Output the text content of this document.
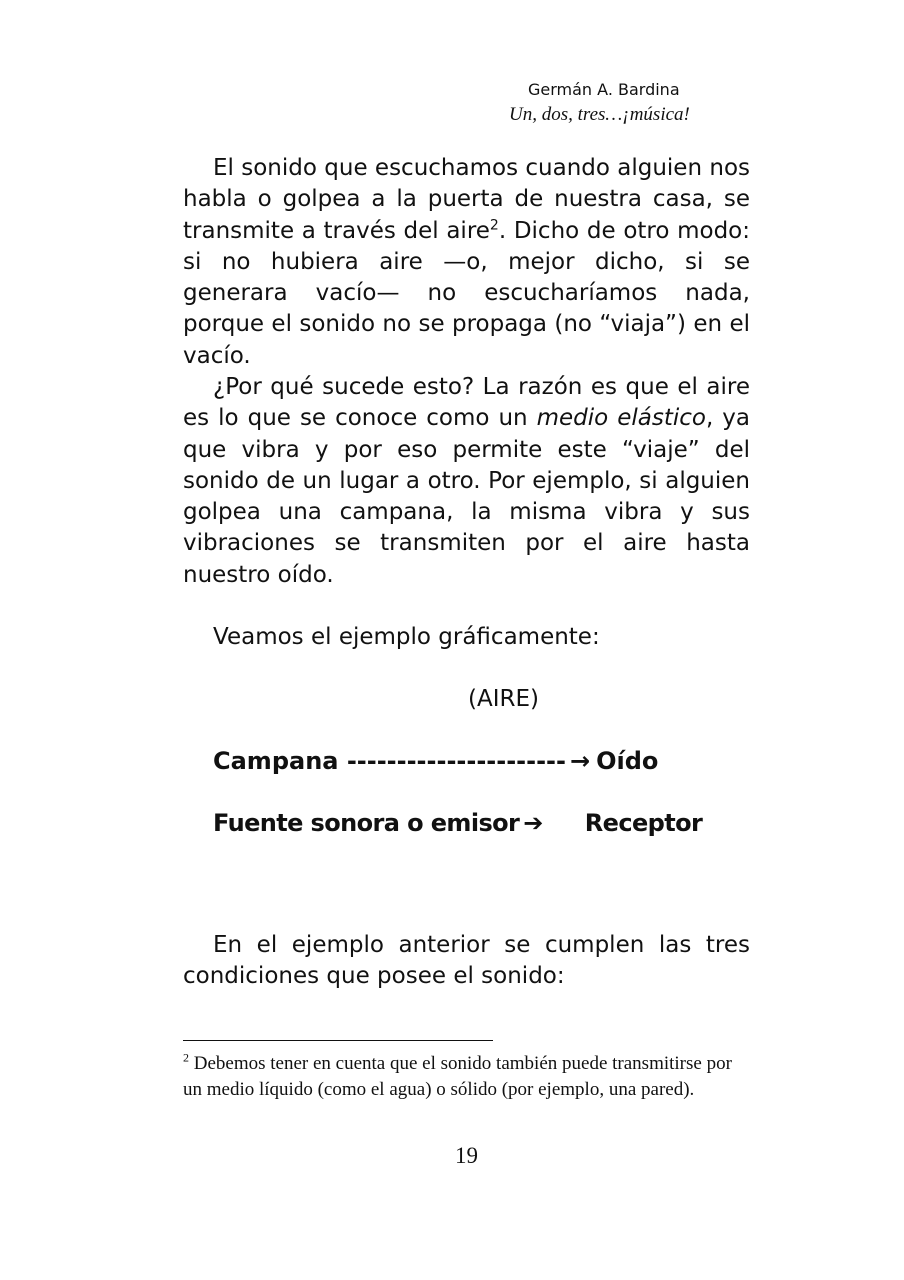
Germán A. Bardina

Un, dos, tres…¡música!

El sonido que escuchamos cuando alguien nos habla o golpea a la puerta de nuestra casa, se transmite a través del aire$^2$. Dicho de otro modo: si no hubiera aire —o, mejor dicho, si se generara vacío— no escucharíamos nada, porque el sonido no se propaga (no “viaja”) en el vacío.

¿Por qué sucede esto? La razón es que el aire es lo que se conoce como un medio elástico, ya que vibra y por eso permite este “viaje” del sonido de un lugar a otro. Por ejemplo, si alguien golpea una campana, la misma vibra y sus vibraciones se transmiten por el aire hasta nuestro oído.

Veamos el ejemplo gráficamente:

(AIRE)

Campana ---------------------- → Oído

Fuente sonora o emisor ➔ Receptor

En el ejemplo anterior se cumplen las tres condiciones que posee el sonido:

$^2$ Debemos tener en cuenta que el sonido también puede transmitirse por un medio líquido (como el agua) o sólido (por ejemplo, una pared).

19
